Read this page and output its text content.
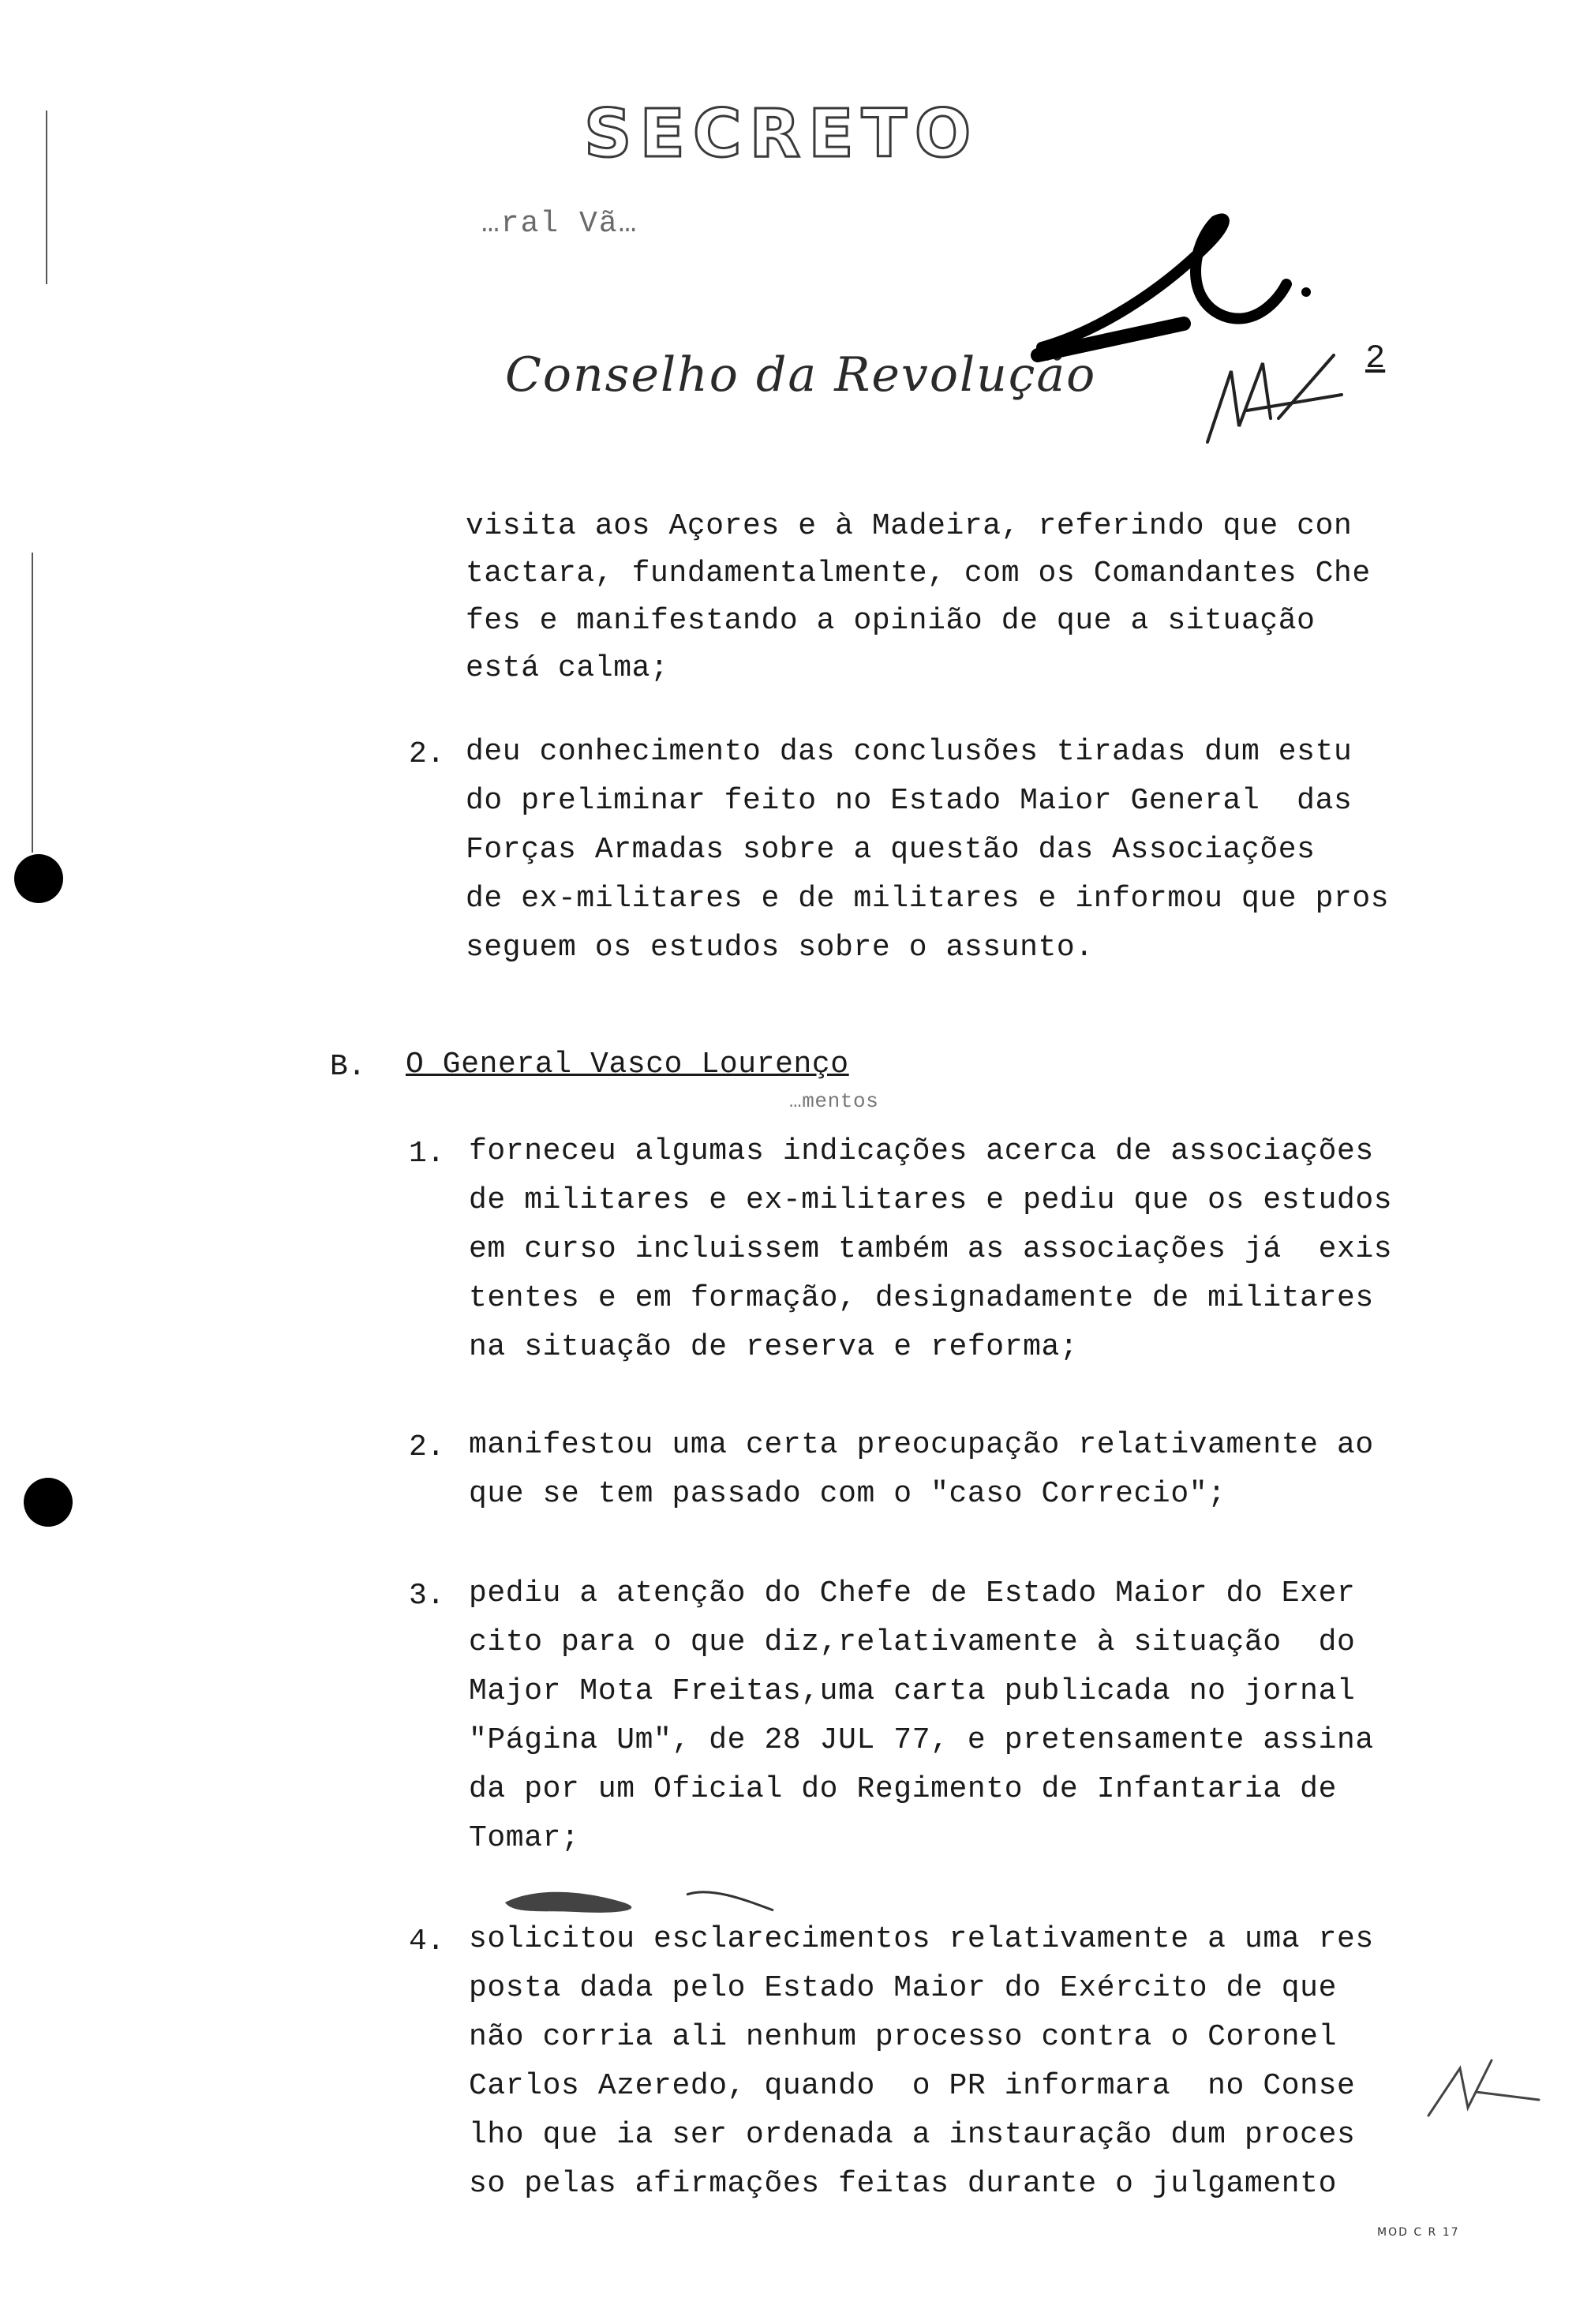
SECRETO
…ral Vã…
Conselho da Revolução	2
visita aos Açores e à Madeira, referindo que con
tactara, fundamentalmente, com os Comandantes Che
fes e manifestando a opinião de que a situação
está calma;
2. deu conhecimento das conclusões tiradas dum estu
do preliminar feito no Estado Maior General  das
Forças Armadas sobre a questão das Associações
de ex-militares e de militares e informou que pros
seguem os estudos sobre o assunto.
B. O General Vasco Lourenço
…mentos
1. forneceu algumas indicações acerca de associações
de militares e ex-militares e pediu que os estudos
em curso incluissem também as associações já  exis
tentes e em formação, designadamente de militares
na situação de reserva e reforma;
2. manifestou uma certa preocupação relativamente ao
que se tem passado com o "caso Correcio";
3. pediu a atenção do Chefe de Estado Maior do Exer
cito para o que diz,relativamente à situação  do
Major Mota Freitas,uma carta publicada no jornal
"Página Um", de 28 JUL 77, e pretensamente assina
da por um Oficial do Regimento de Infantaria de
Tomar;
4. solicitou esclarecimentos relativamente a uma res
posta dada pelo Estado Maior do Exército de que
não corria ali nenhum processo contra o Coronel
Carlos Azeredo, quando  o PR informara  no Conse
lho que ia ser ordenada a instauração dum proces
so pelas afirmações feitas durante o julgamento
MOD C R 17
